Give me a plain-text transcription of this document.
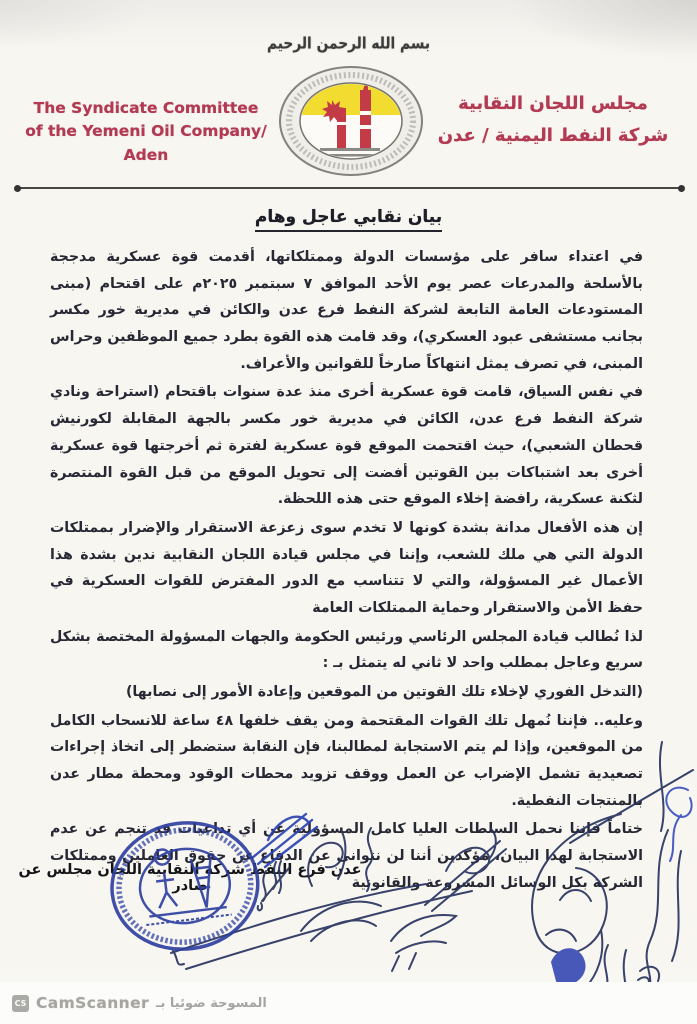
بسم الله الرحمن الرحيم
The Syndicate Committee
of the Yemeni Oil Company/ Aden
مجلس اللجان النقابية
شركة النفط اليمنية / عدن
بيان نقابي عاجل وهام

في اعتداء سافر على مؤسسات الدولة وممتلكاتها، أقدمت قوة عسكرية مدججة بالأسلحة والمدرعات عصر يوم الأحد الموافق ٧ سبتمبر ٢٠٢٥م على اقتحام (مبنى المستودعات العامة التابعة لشركة النفط فرع عدن والكائن في مديرية خور مكسر بجانب مستشفى عبود العسكري)، وقد قامت هذه القوة بطرد جميع الموظفين وحراس المبنى، في تصرف يمثل انتهاكاً صارخاً للقوانين والأعراف.

في نفس السياق، قامت قوة عسكرية أخرى منذ عدة سنوات باقتحام (استراحة ونادي شركة النفط فرع عدن، الكائن في مديرية خور مكسر بالجهة المقابلة لكورنيش قحطان الشعبي)، حيث اقتحمت الموقع قوة عسكرية لفترة ثم أخرجتها قوة عسكرية أخرى بعد اشتباكات بين القوتين أفضت إلى تحويل الموقع من قبل القوة المنتصرة لثكنة عسكرية، رافضة إخلاء الموقع حتى هذه اللحظة.

إن هذه الأفعال مدانة بشدة كونها لا تخدم سوى زعزعة الاستقرار والإضرار بممتلكات الدولة التي هي ملك للشعب، وإننا في مجلس قيادة اللجان النقابية ندين بشدة هذا الأعمال غير المسؤولة، والتي لا تتناسب مع الدور المفترض للقوات العسكرية في حفظ الأمن والاستقرار وحماية الممتلكات العامة

لذا نُطالب قيادة المجلس الرئاسي ورئيس الحكومة والجهات المسؤولة المختصة بشكل سريع وعاجل بمطلب واحد لا ثاني له يتمثل بـ :

(التدخل الفوري لإخلاء تلك القوتين من الموقعين وإعادة الأمور إلى نصابها)

وعليه.. فإننا نُمهل تلك القوات المقتحمة ومن يقف خلفها ٤٨ ساعة للانسحاب الكامل من الموقعين، وإذا لم يتم الاستجابة لمطالبنا، فإن النقابة ستضطر إلى اتخاذ إجراءات تصعيدية تشمل الإضراب عن العمل ووقف تزويد محطات الوقود ومحطة مطار عدن بالمنتجات النفطية.

ختاماً فإننا نحمل السلطات العليا كامل المسؤولية عن أي تداعيات قد تنجم عن عدم الاستجابة لهذا البيان، مؤكدين أننا لن نتوانى عن الدفاع عن حقوق العاملين وممتلكات الشركة بكل الوسائل المشروعة والقانونية

عدن فرع النفط شركة النقابية اللجان مجلس عن صادر
CS CamScanner المسوحة ضوئيا بـ
